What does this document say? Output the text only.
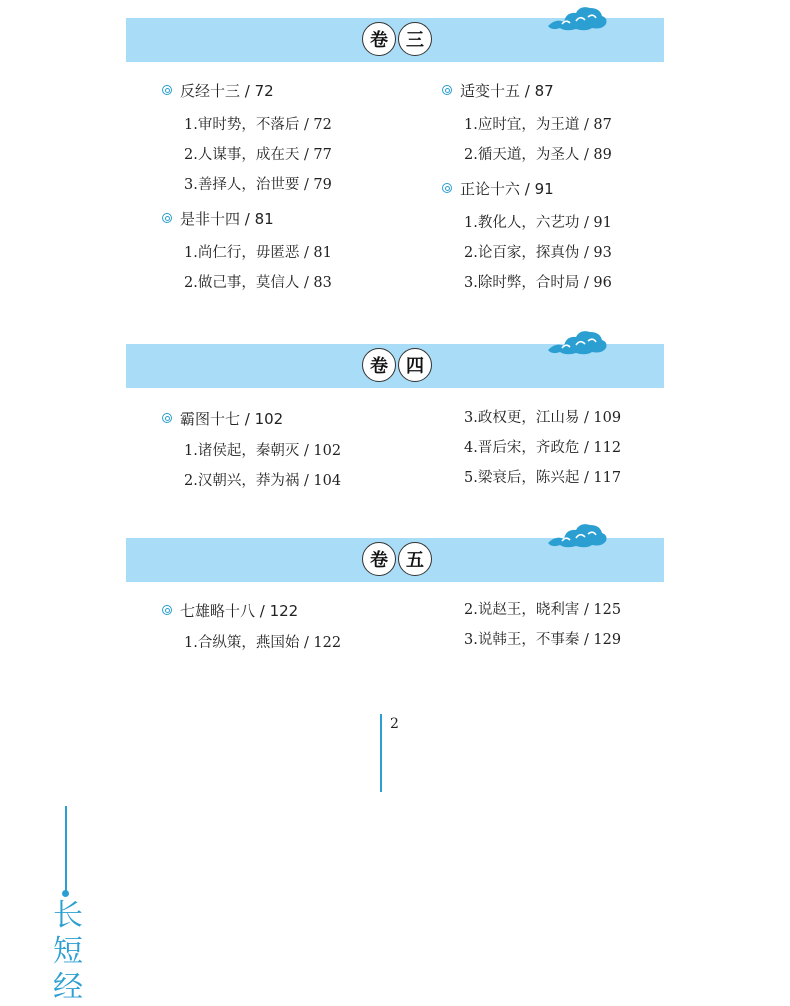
卷	三
反经十三 / 72
1.审时势，不落后 / 72
2.人谋事，成在天 / 77
3.善择人，治世要 / 79
是非十四 / 81
1.尚仁行，毋匿恶 / 81
2.做己事，莫信人 / 83
适变十五 / 87
1.应时宜，为王道 / 87
2.循天道，为圣人 / 89
正论十六 / 91
1.教化人，六艺功 / 91
2.论百家，探真伪 / 93
3.除时弊，合时局 / 96
卷	四
霸图十七 / 102
1.诸侯起，秦朝灭 / 102
2.汉朝兴，莽为祸 / 104
3.政权更，江山易 / 109
4.晋后宋，齐政危 / 112
5.梁衰后，陈兴起 / 117
卷	五
七雄略十八 / 122
1.合纵策，燕国始 / 122
2.说赵王，晓利害 / 125
3.说韩王，不事秦 / 129
2
长
短
经
